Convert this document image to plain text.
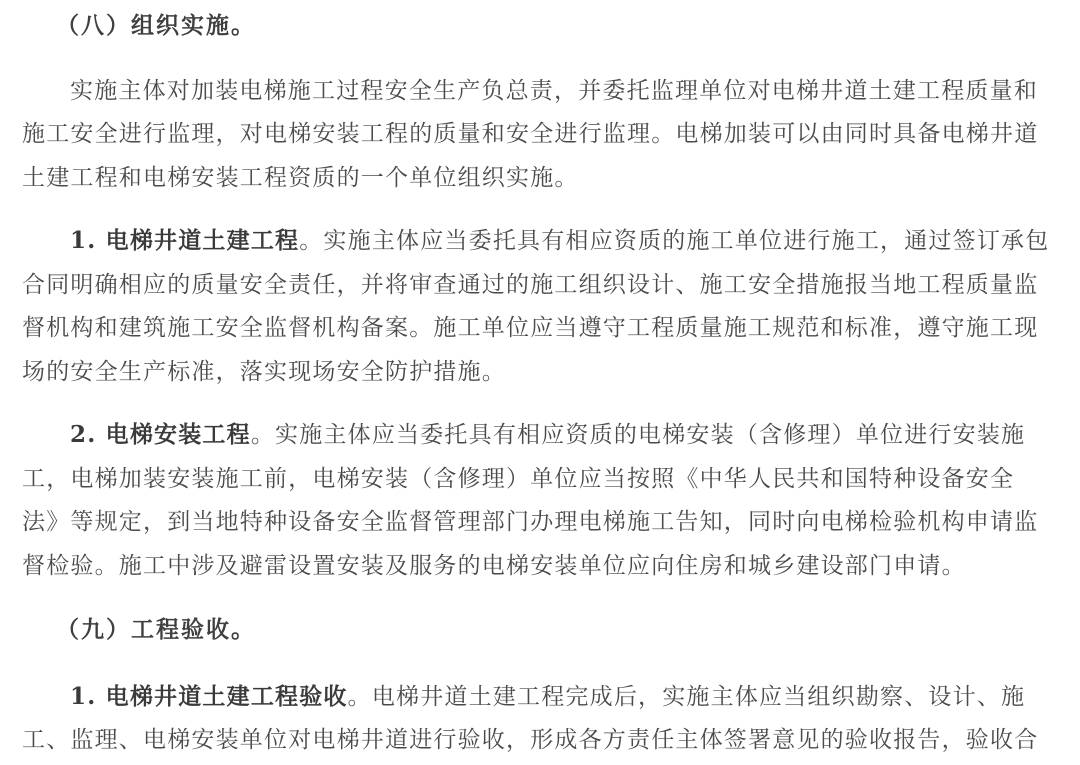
（八）组织实施。
实施主体对加装电梯施工过程安全生产负总责，并委托监理单位对电梯井道土建工程质量和
施工安全进行监理，对电梯安装工程的质量和安全进行监理。电梯加装可以由同时具备电梯井道
土建工程和电梯安装工程资质的一个单位组织实施。
1. 电梯井道土建工程。实施主体应当委托具有相应资质的施工单位进行施工，通过签订承包
合同明确相应的质量安全责任，并将审查通过的施工组织设计、施工安全措施报当地工程质量监
督机构和建筑施工安全监督机构备案。施工单位应当遵守工程质量施工规范和标准，遵守施工现
场的安全生产标准，落实现场安全防护措施。
2. 电梯安装工程。实施主体应当委托具有相应资质的电梯安装（含修理）单位进行安装施
工，电梯加装安装施工前，电梯安装（含修理）单位应当按照《中华人民共和国特种设备安全
法》等规定，到当地特种设备安全监督管理部门办理电梯施工告知，同时向电梯检验机构申请监
督检验。施工中涉及避雷设置安装及服务的电梯安装单位应向住房和城乡建设部门申请。
（九）工程验收。
1. 电梯井道土建工程验收。电梯井道土建工程完成后，实施主体应当组织勘察、设计、施
工、监理、电梯安装单位对电梯井道进行验收，形成各方责任主体签署意见的验收报告，验收合
